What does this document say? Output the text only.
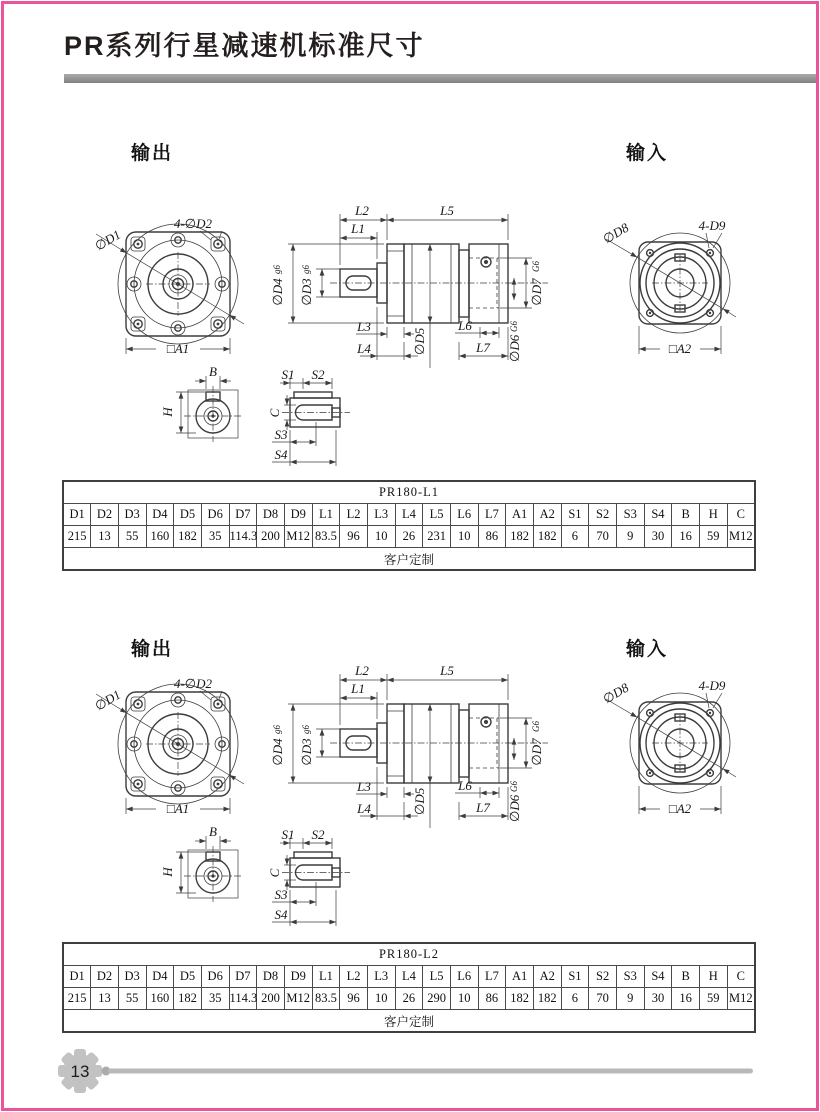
PR系列行星减速机标准尺寸
输出	输入
PR180-L1																								
D1	D2	D3	D4	D5	D6	D7	D8	D9	L1	L2	L3	L4	L5	L6	L7	A1	A2	S1	S2	S3	S4	B	H	C
215	13	55	160	182	35	114.3	200	M12	83.5	96	10	26	231	10	86	182	182	6	70	9	30	16	59	M12
客户定制																								
输出	输入
PR180-L2																								
D1	D2	D3	D4	D5	D6	D7	D8	D9	L1	L2	L3	L4	L5	L6	L7	A1	A2	S1	S2	S3	S4	B	H	C
215	13	55	160	182	35	114.3	200	M12	83.5	96	10	26	290	10	86	182	182	6	70	9	30	16	59	M12
客户定制																								
13
